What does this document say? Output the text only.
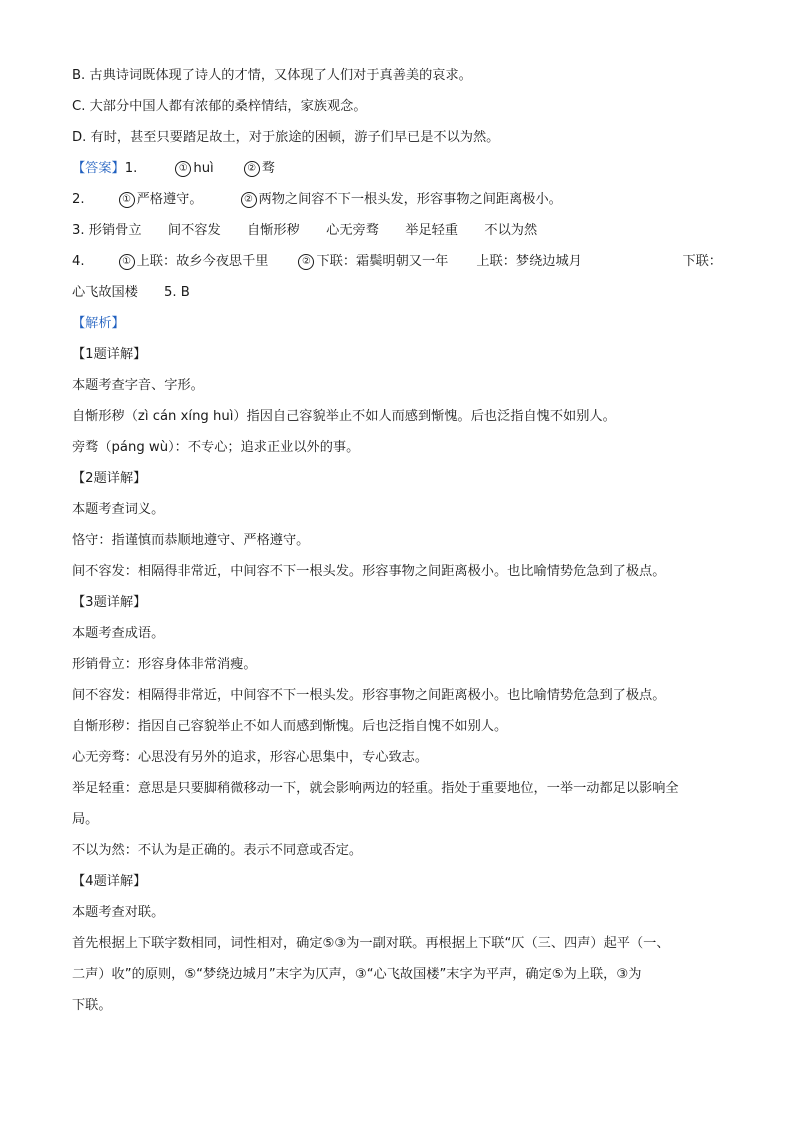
B. 古典诗词既体现了诗人的才情，又体现了人们对于真善美的哀求。
C. 大部分中国人都有浓郁的桑梓情结，家族观念。
D. 有时，甚至只要踏足故土，对于旅途的困顿，游子们早已是不以为然。
【答案】1.	① huì	② 骛
2.	① 严格遵守。	② 两物之间容不下一根头发，形容事物之间距离极小。
3. 形销骨立　　间不容发　　自惭形秽　　心无旁骛　　举足轻重　　不以为然
4.	① 上联：故乡今夜思千里	② 下联：霜鬓明朝又一年 上联：梦绕边城月	下联：
心飞故国楼 5. B
【解析】
【1题详解】
本题考查字音、字形。
自惭形秽（zì cán xíng huì）指因自己容貌举止不如人而感到惭愧。后也泛指自愧不如别人。
旁骛（páng wù）：不专心；追求正业以外的事。
【2题详解】
本题考查词义。
恪守：指谨慎而恭顺地遵守、严格遵守。
间不容发：相隔得非常近，中间容不下一根头发。形容事物之间距离极小。也比喻情势危急到了极点。
【3题详解】
本题考查成语。
形销骨立：形容身体非常消瘦。
间不容发：相隔得非常近，中间容不下一根头发。形容事物之间距离极小。也比喻情势危急到了极点。
自惭形秽：指因自己容貌举止不如人而感到惭愧。后也泛指自愧不如别人。
心无旁骛：心思没有另外的追求，形容心思集中，专心致志。
举足轻重：意思是只要脚稍微移动一下，就会影响两边的轻重。指处于重要地位，一举一动都足以影响全
局。
不以为然：不认为是正确的。表示不同意或否定。
【4题详解】
本题考查对联。
首先根据上下联字数相同，词性相对，确定⑤③为一副对联。再根据上下联“仄（三、四声）起平（一、
二声）收”的原则，⑤“梦绕边城月”末字为仄声，③“心飞故国楼”末字为平声，确定⑤为上联，③为
下联。
